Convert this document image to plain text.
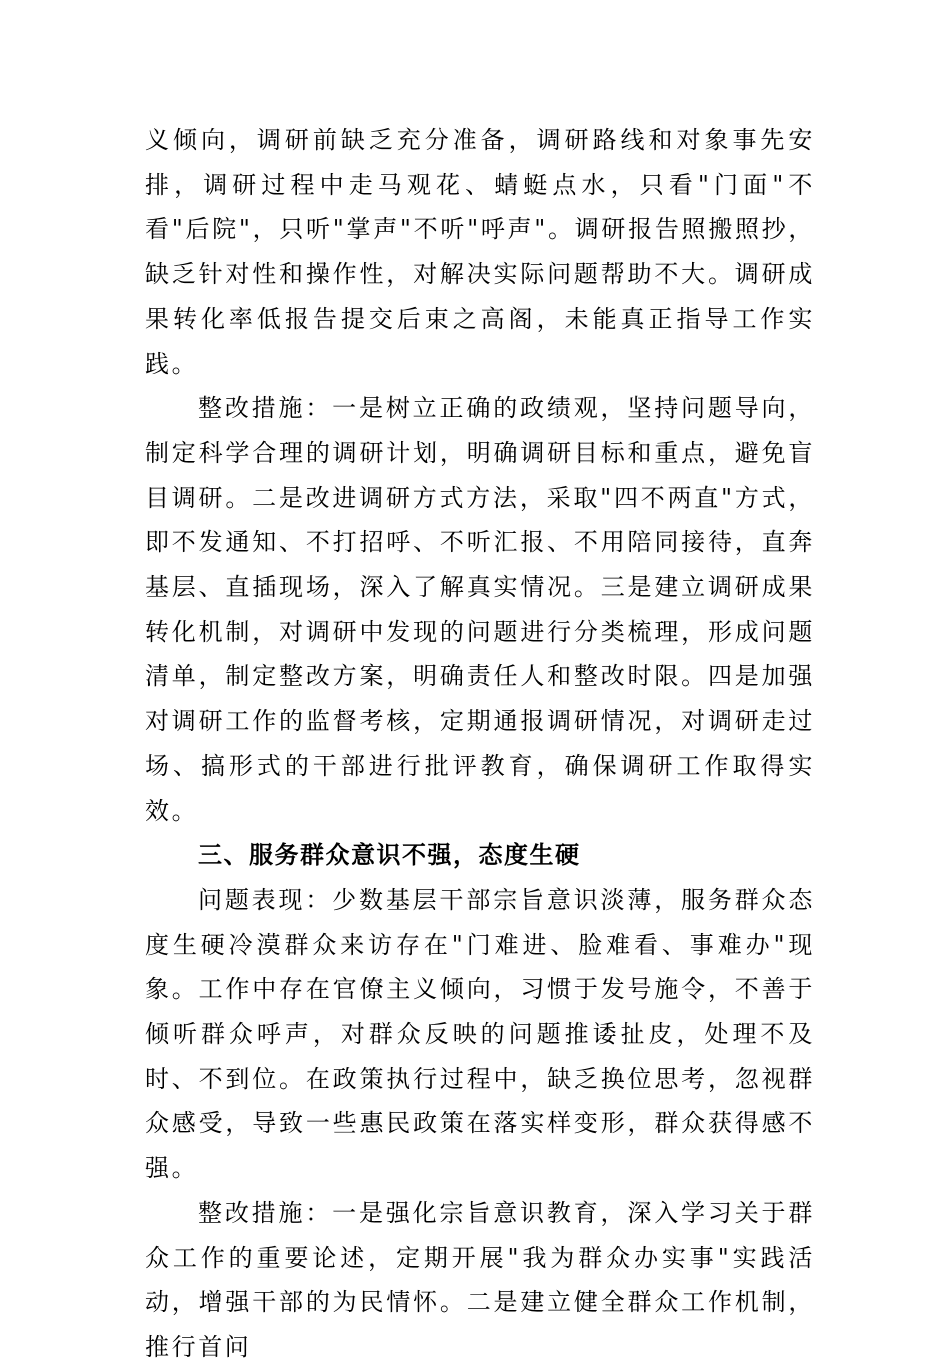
义倾向，调研前缺乏充分准备，调研路线和对象事先安排，调研过程中走马观花、蜻蜓点水，只看"门面"不看"后院"，只听"掌声"不听"呼声"。调研报告照搬照抄，缺乏针对性和操作性，对解决实际问题帮助不大。调研成果转化率低报告提交后束之高阁，未能真正指导工作实践。

整改措施：一是树立正确的政绩观，坚持问题导向，制定科学合理的调研计划，明确调研目标和重点，避免盲目调研。二是改进调研方式方法，采取"四不两直"方式，即不发通知、不打招呼、不听汇报、不用陪同接待，直奔基层、直插现场，深入了解真实情况。三是建立调研成果转化机制，对调研中发现的问题进行分类梳理，形成问题清单，制定整改方案，明确责任人和整改时限。四是加强对调研工作的监督考核，定期通报调研情况，对调研走过场、搞形式的干部进行批评教育，确保调研工作取得实效。

三、服务群众意识不强，态度生硬

问题表现：少数基层干部宗旨意识淡薄，服务群众态度生硬冷漠群众来访存在"门难进、脸难看、事难办"现象。工作中存在官僚主义倾向，习惯于发号施令，不善于倾听群众呼声，对群众反映的问题推诿扯皮，处理不及时、不到位。在政策执行过程中，缺乏换位思考，忽视群众感受，导致一些惠民政策在落实样变形，群众获得感不强。

整改措施：一是强化宗旨意识教育，深入学习关于群众工作的重要论述，定期开展"我为群众办实事"实践活动，增强干部的为民情怀。二是建立健全群众工作机制，推行首问
